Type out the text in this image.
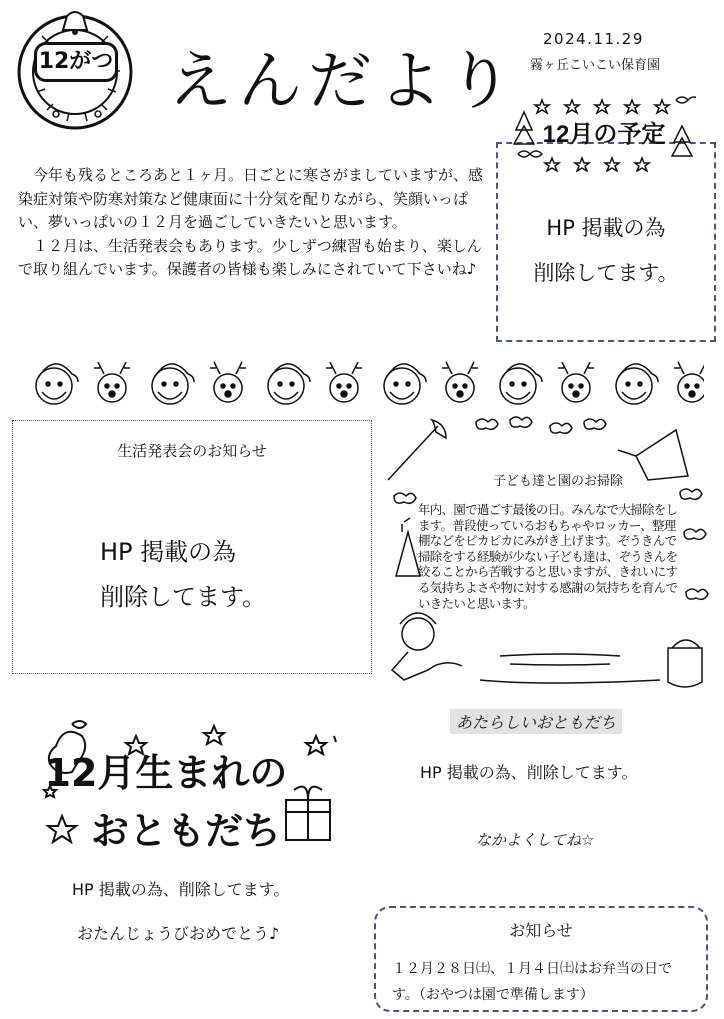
12がつ えんだより
2024.11.29
霧ヶ丘こいこい保育園

今年も残るところあと１ヶ月。日ごとに寒さがましていますが、感染症対策や防寒対策など健康面に十分気を配りながら、笑顔いっぱい、夢いっぱいの１２月を過ごしていきたいと思います。

１２月は、生活発表会もあります。少しずつ練習も始まり、楽しんで取り組んでいます。保護者の皆様も楽しみにされていて下さいね♪

12月の予定
HP 掲載の為
削除してます。
生活発表会のお知らせ
HP 掲載の為
削除してます。
子ども達と園のお掃除
年内、園で過ごす最後の日。みんなで大掃除をします。普段使っているおもちゃやロッカー、整理棚などをピカピカにみがき上げます。ぞうきんで掃除をする経験が少ない子ども達は、ぞうきんを絞ることから苦戦すると思いますが、きれいにする気持ちよさや物に対する感謝の気持ちを育んでいきたいと思います。
12月生まれの
おともだち
HP 掲載の為、削除してます。
おたんじょうびおめでとう♪
あたらしいおともだち
HP 掲載の為、削除してます。
なかよくしてね☆
お知らせ
１２月２８日㈯、１月４日㈯はお弁当の日です。（おやつは園で準備します）
